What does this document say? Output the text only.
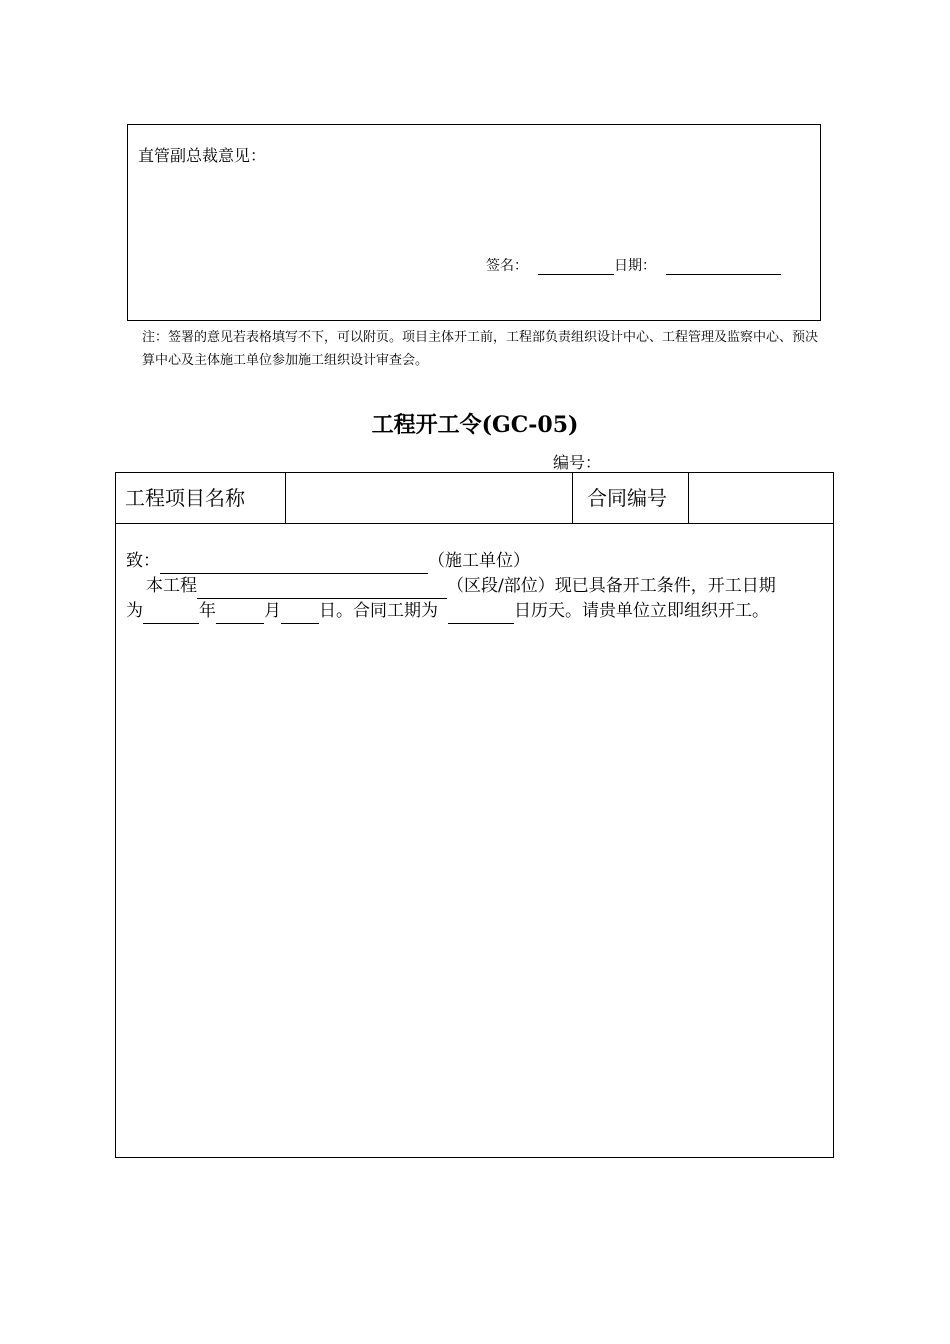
直管副总裁意见：
签名：	日期：
注：签署的意见若表格填写不下，可以附页。项目主体开工前，工程部负责组织设计中心、工程管理及监察中心、预决算中心及主体施工单位参加施工组织设计审查会。
工程开工令(GC-05)
编号：
工程项目名称	合同编号
致：	（施工单位）
本工程	（区段/部位）现已具备开工条件，开工日期
为	年	月 日。合同工期为	日历天。请贵单位立即组织开工。
